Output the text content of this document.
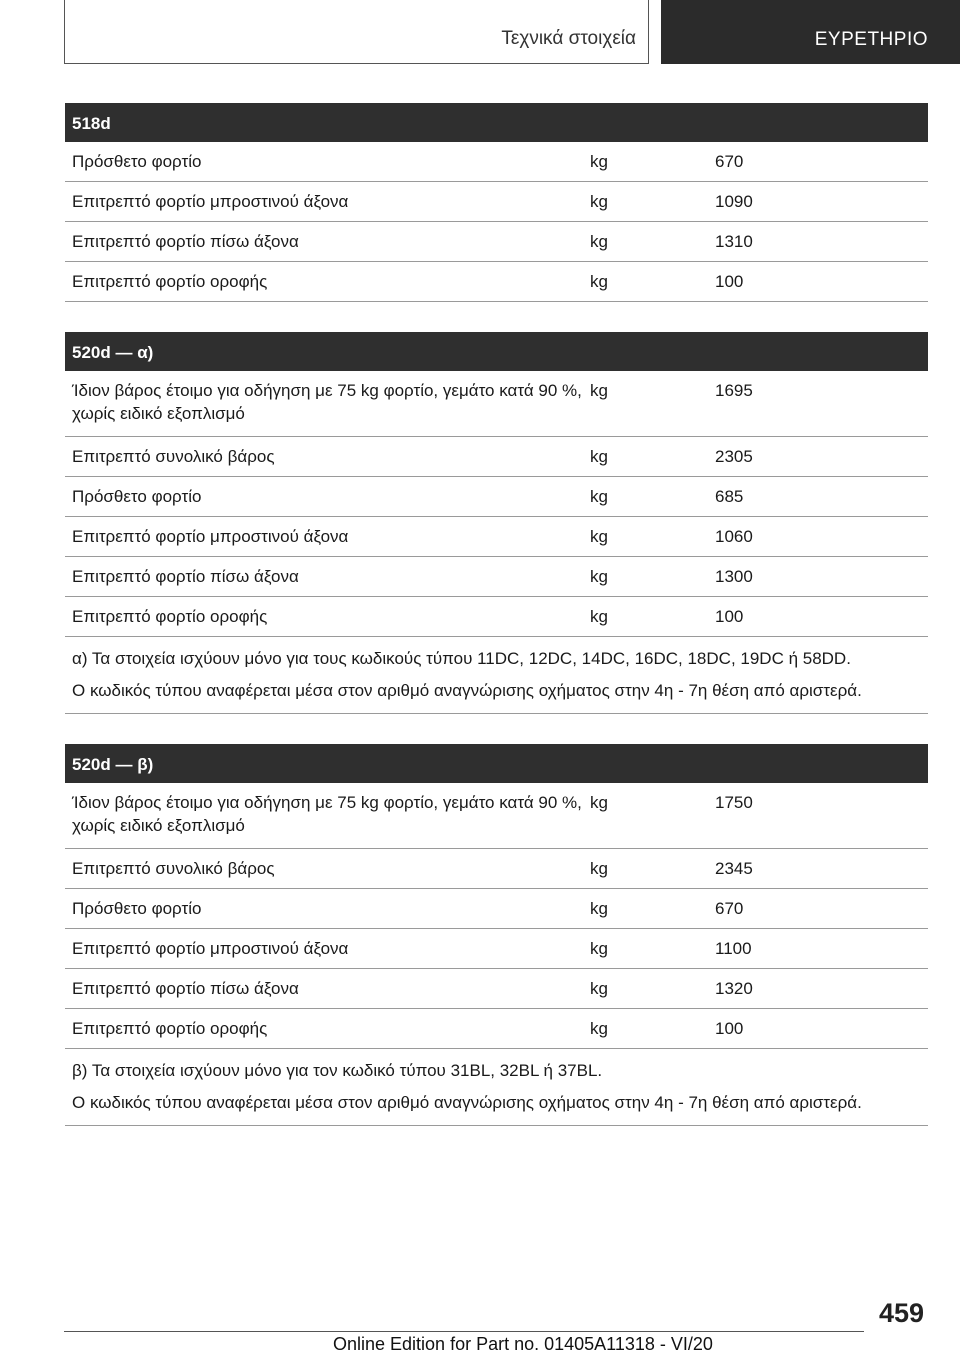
Τεχνικά στοιχεία	ΕΥΡΕΤΗΡΙΟ
518d
Πρόσθετο φορτίο	kg	670
Επιτρεπτό φορτίο μπροστινού άξονα	kg	1090
Επιτρεπτό φορτίο πίσω άξονα	kg	1310
Επιτρεπτό φορτίο οροφής	kg	100
520d — α)
Ίδιον βάρος έτοιμο για οδήγηση με 75 kg φορτίο, γεμάτο κατά 90 %, χωρίς ειδικό εξοπλισμό
kg	1695
Επιτρεπτό συνολικό βάρος	kg	2305
Πρόσθετο φορτίο	kg	685
Επιτρεπτό φορτίο μπροστινού άξονα	kg	1060
Επιτρεπτό φορτίο πίσω άξονα	kg	1300
Επιτρεπτό φορτίο οροφής	kg	100

α) Τα στοιχεία ισχύουν μόνο για τους κωδικούς τύπου 11DC, 12DC, 14DC, 16DC, 18DC, 19DC ή 58DD.

Ο κωδικός τύπου αναφέρεται μέσα στον αριθμό αναγνώρισης οχήματος στην 4η - 7η θέση από αριστερά.

520d — β)
Ίδιον βάρος έτοιμο για οδήγηση με 75 kg φορτίο, γεμάτο κατά 90 %, χωρίς ειδικό εξοπλισμό
kg	1750
Επιτρεπτό συνολικό βάρος	kg	2345
Πρόσθετο φορτίο	kg	670
Επιτρεπτό φορτίο μπροστινού άξονα	kg	1100
Επιτρεπτό φορτίο πίσω άξονα	kg	1320
Επιτρεπτό φορτίο οροφής	kg	100

β) Τα στοιχεία ισχύουν μόνο για τον κωδικό τύπου 31BL, 32BL ή 37BL.

Ο κωδικός τύπου αναφέρεται μέσα στον αριθμό αναγνώρισης οχήματος στην 4η - 7η θέση από αριστερά.

459
Online Edition for Part no. 01405A11318 - VI/20
